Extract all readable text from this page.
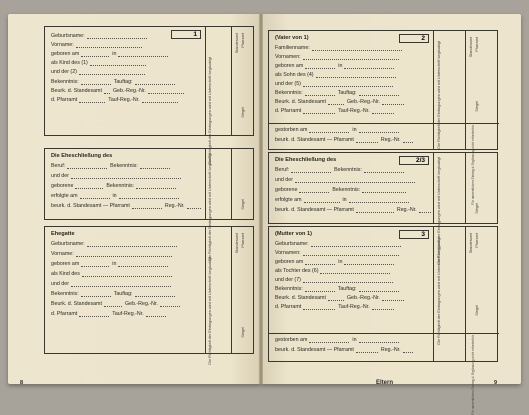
1
Die Richtigkeit der Eintragungen wird mit Unterschrift beglaubigt
Standesamt Pfarramt
Siegel
Geburtsname:
Vorname:
geboren am	in
als Kind des (1)
und der (2)
Bekenntnis:	Tauftag:
Beurk. d. Standesamt Geb.-Reg.-Nr.
d. Pfarramt	Tauf-Reg.-Nr.
Die Richtigkeit der Eintragungen wird mit Unterschrift beglaubigt	Siegel
Die Eheschließung des
Beruf:	Bekenntnis:
und der
geborene	Bekenntnis:
erfolgte am	in
beurk. d. Standesamt — Pfarramt	Reg.-Nr.
Die Richtigkeit der Eintragungen wird mit Unterschrift beglaubigt
Standesamt Pfarramt
Siegel
Ehegatte
Geburtsname:
Vorname:
geboren am	in
als Kind des
und der
Bekenntnis:	Tauftag:
Beurk. d. Standesamt	Geb.-Reg.-Nr.
d. Pfarramt	Tauf-Reg.-Nr.
8
(Vater von 1)	2
Die Richtigkeit der Eintragungen wird mit Unterschrift beglaubigt	Standesamt Pfarramt
Siegel
Für namentlichen Eintrag d. Ergänzung nicht erforderlich
Familienname:
Vornamen:
geboren am	in
als Sohn des (4)
und der (5)
Bekenntnis:	Tauftag:
Beurk. d. Standesamt	Geb.-Reg.-Nr.
d. Pfarramt	Tauf-Reg.-Nr.
gestorben am	in
beurk. d. Standesamt — Pfarramt	Reg.-Nr.
Die Eheschließung des	2/3	Die Richtigkeit der Eintragungen wird mit Unterschrift beglaubigt	Siegel
Beruf:	Bekenntnis:
und der
geborene	Bekenntnis:
erfolgte am	in
beurk. d. Standesamt — Pfarramt	Reg.-Nr.
(Mutter von 1)	3
Die Richtigkeit der Eintragungen wird mit Unterschrift beglaubigt	Standesamt Pfarramt
Siegel
Für namentlichen Eintrag d. Ergänzung nicht erforderlich
Geburtsname:
Vornamen:
geboren am	in
als Tochter des (6)
und der (7)
Bekenntnis:	Tauftag:
Beurk. d. Standesamt	Geb.-Reg.-Nr.
d. Pfarramt	Tauf-Reg.-Nr.
gestorben am	in
beurk. d. Standesamt — Pfarramt	Reg.-Nr.
Eltern	9
